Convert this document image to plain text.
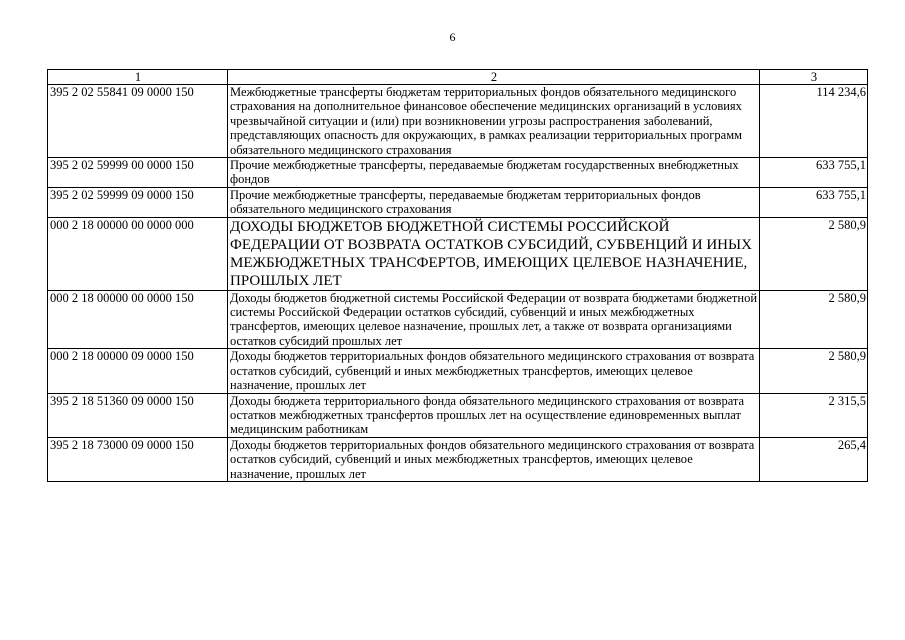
6
1	2	3
395 2 02 55841 09 0000 150	Межбюджетные трансферты бюджетам территориальных фондов обязательного медицинского страхования на дополнительное финансовое обеспечение медицинских организаций в условиях чрезвычайной ситуации и (или) при возникновении угрозы распространения заболеваний, представляющих опасность для окружающих, в рамках реализации территориальных программ обязательного медицинского страхования	114 234,6
395 2 02 59999 00 0000 150	Прочие межбюджетные трансферты, передаваемые бюджетам государственных внебюджетных фондов	633 755,1
395 2 02 59999 09 0000 150	Прочие межбюджетные трансферты, передаваемые бюджетам территориальных фондов обязательного медицинского страхования	633 755,1
000 2 18 00000 00 0000 000	ДОХОДЫ БЮДЖЕТОВ БЮДЖЕТНОЙ СИСТЕМЫ РОССИЙСКОЙ ФЕДЕРАЦИИ ОТ ВОЗВРАТА ОСТАТКОВ СУБСИДИЙ, СУБВЕНЦИЙ И ИНЫХ МЕЖБЮДЖЕТНЫХ ТРАНСФЕРТОВ, ИМЕЮЩИХ ЦЕЛЕВОЕ НАЗНАЧЕНИЕ, ПРОШЛЫХ ЛЕТ	2 580,9
000 2 18 00000 00 0000 150	Доходы бюджетов бюджетной системы Российской Федерации от возврата бюджетами бюджетной системы Российской Федерации остатков субсидий, субвенций и иных межбюджетных трансфертов, имеющих целевое назначение, прошлых лет, а также от возврата организациями остатков субсидий прошлых лет	2 580,9
000 2 18 00000 09 0000 150	Доходы бюджетов территориальных фондов обязательного медицинского страхования от возврата остатков субсидий, субвенций и иных межбюджетных трансфертов, имеющих целевое назначение, прошлых лет	2 580,9
395 2 18 51360 09 0000 150	Доходы бюджета территориального фонда обязательного медицинского страхования от возврата остатков межбюджетных трансфертов прошлых лет на осуществление единовременных выплат медицинским работникам	2 315,5
395 2 18 73000 09 0000 150	Доходы бюджетов территориальных фондов обязательного медицинского страхования от возврата остатков субсидий, субвенций и иных межбюджетных трансфертов, имеющих целевое назначение, прошлых лет	265,4
